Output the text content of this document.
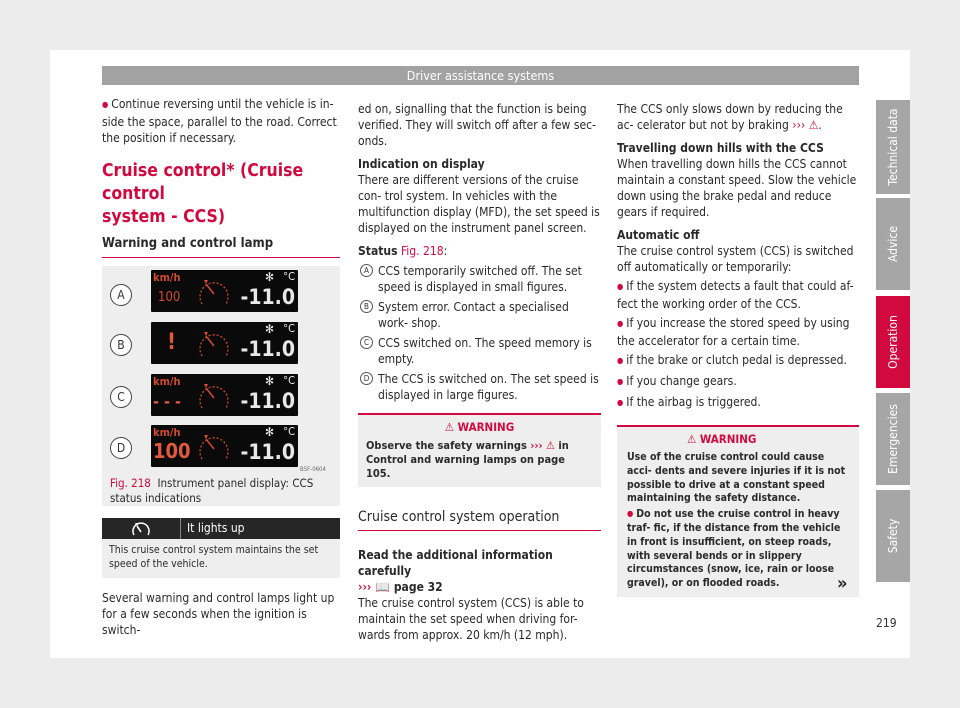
Driver assistance systems

● Continue reversing until the vehicle is in- side the space, parallel to the road. Correct the position if necessary.

Cruise control* (Cruise control
system - CCS)
Warning and control lamp
A
km/h
100
✻ °C
-11.0
B	!
✻ °C
-11.0
C
km/h
- - -
✻ °C
-11.0
D
km/h
100
✻ °C
-11.0
B5F-0604
Fig. 218 Instrument panel display: CCS status indications
It lights up
This cruise control system maintains the set speed of the vehicle.
Several warning and control lamps light up for a few seconds when the ignition is switch-

ed on, signalling that the function is being verified. They will switch off after a few sec- onds.

Indication on display

There are different versions of the cruise con- trol system. In vehicles with the multifunction display (MFD), the set speed is displayed on the instrument panel screen.

Status Fig. 218:

A CCS temporarily switched off. The set speed is displayed in small figures.
B System error. Contact a specialised work- shop.
C CCS switched on. The speed memory is empty.
D The CCS is switched on. The set speed is displayed in large figures.
⚠ WARNING
Observe the safety warnings ››› ⚠ in Control and warning lamps on page 105.
Cruise control system operation

Read the additional information carefully
››› 📖 page 32

The cruise control system (CCS) is able to maintain the set speed when driving for- wards from approx. 20 km/h (12 mph).

The CCS only slows down by reducing the ac- celerator but not by braking ››› ⚠.

Travelling down hills with the CCS

When travelling down hills the CCS cannot maintain a constant speed. Slow the vehicle down using the brake pedal and reduce gears if required.

Automatic off

The cruise control system (CCS) is switched off automatically or temporarily:

● If the system detects a fault that could af- fect the working order of the CCS.

● If you increase the stored speed by using the accelerator for a certain time.

● if the brake or clutch pedal is depressed.

● If you change gears.

● If the airbag is triggered.

⚠ WARNING

Use of the cruise control could cause acci- dents and severe injuries if it is not possible to drive at a constant speed maintaining the safety distance.

● Do not use the cruise control in heavy traf- fic, if the distance from the vehicle in front is insufficient, on steep roads, with several bends or in slippery circumstances (snow, ice, rain or loose gravel), or on flooded roads.	»
Technical data
Advice
Operation
Emergencies
Safety
219
